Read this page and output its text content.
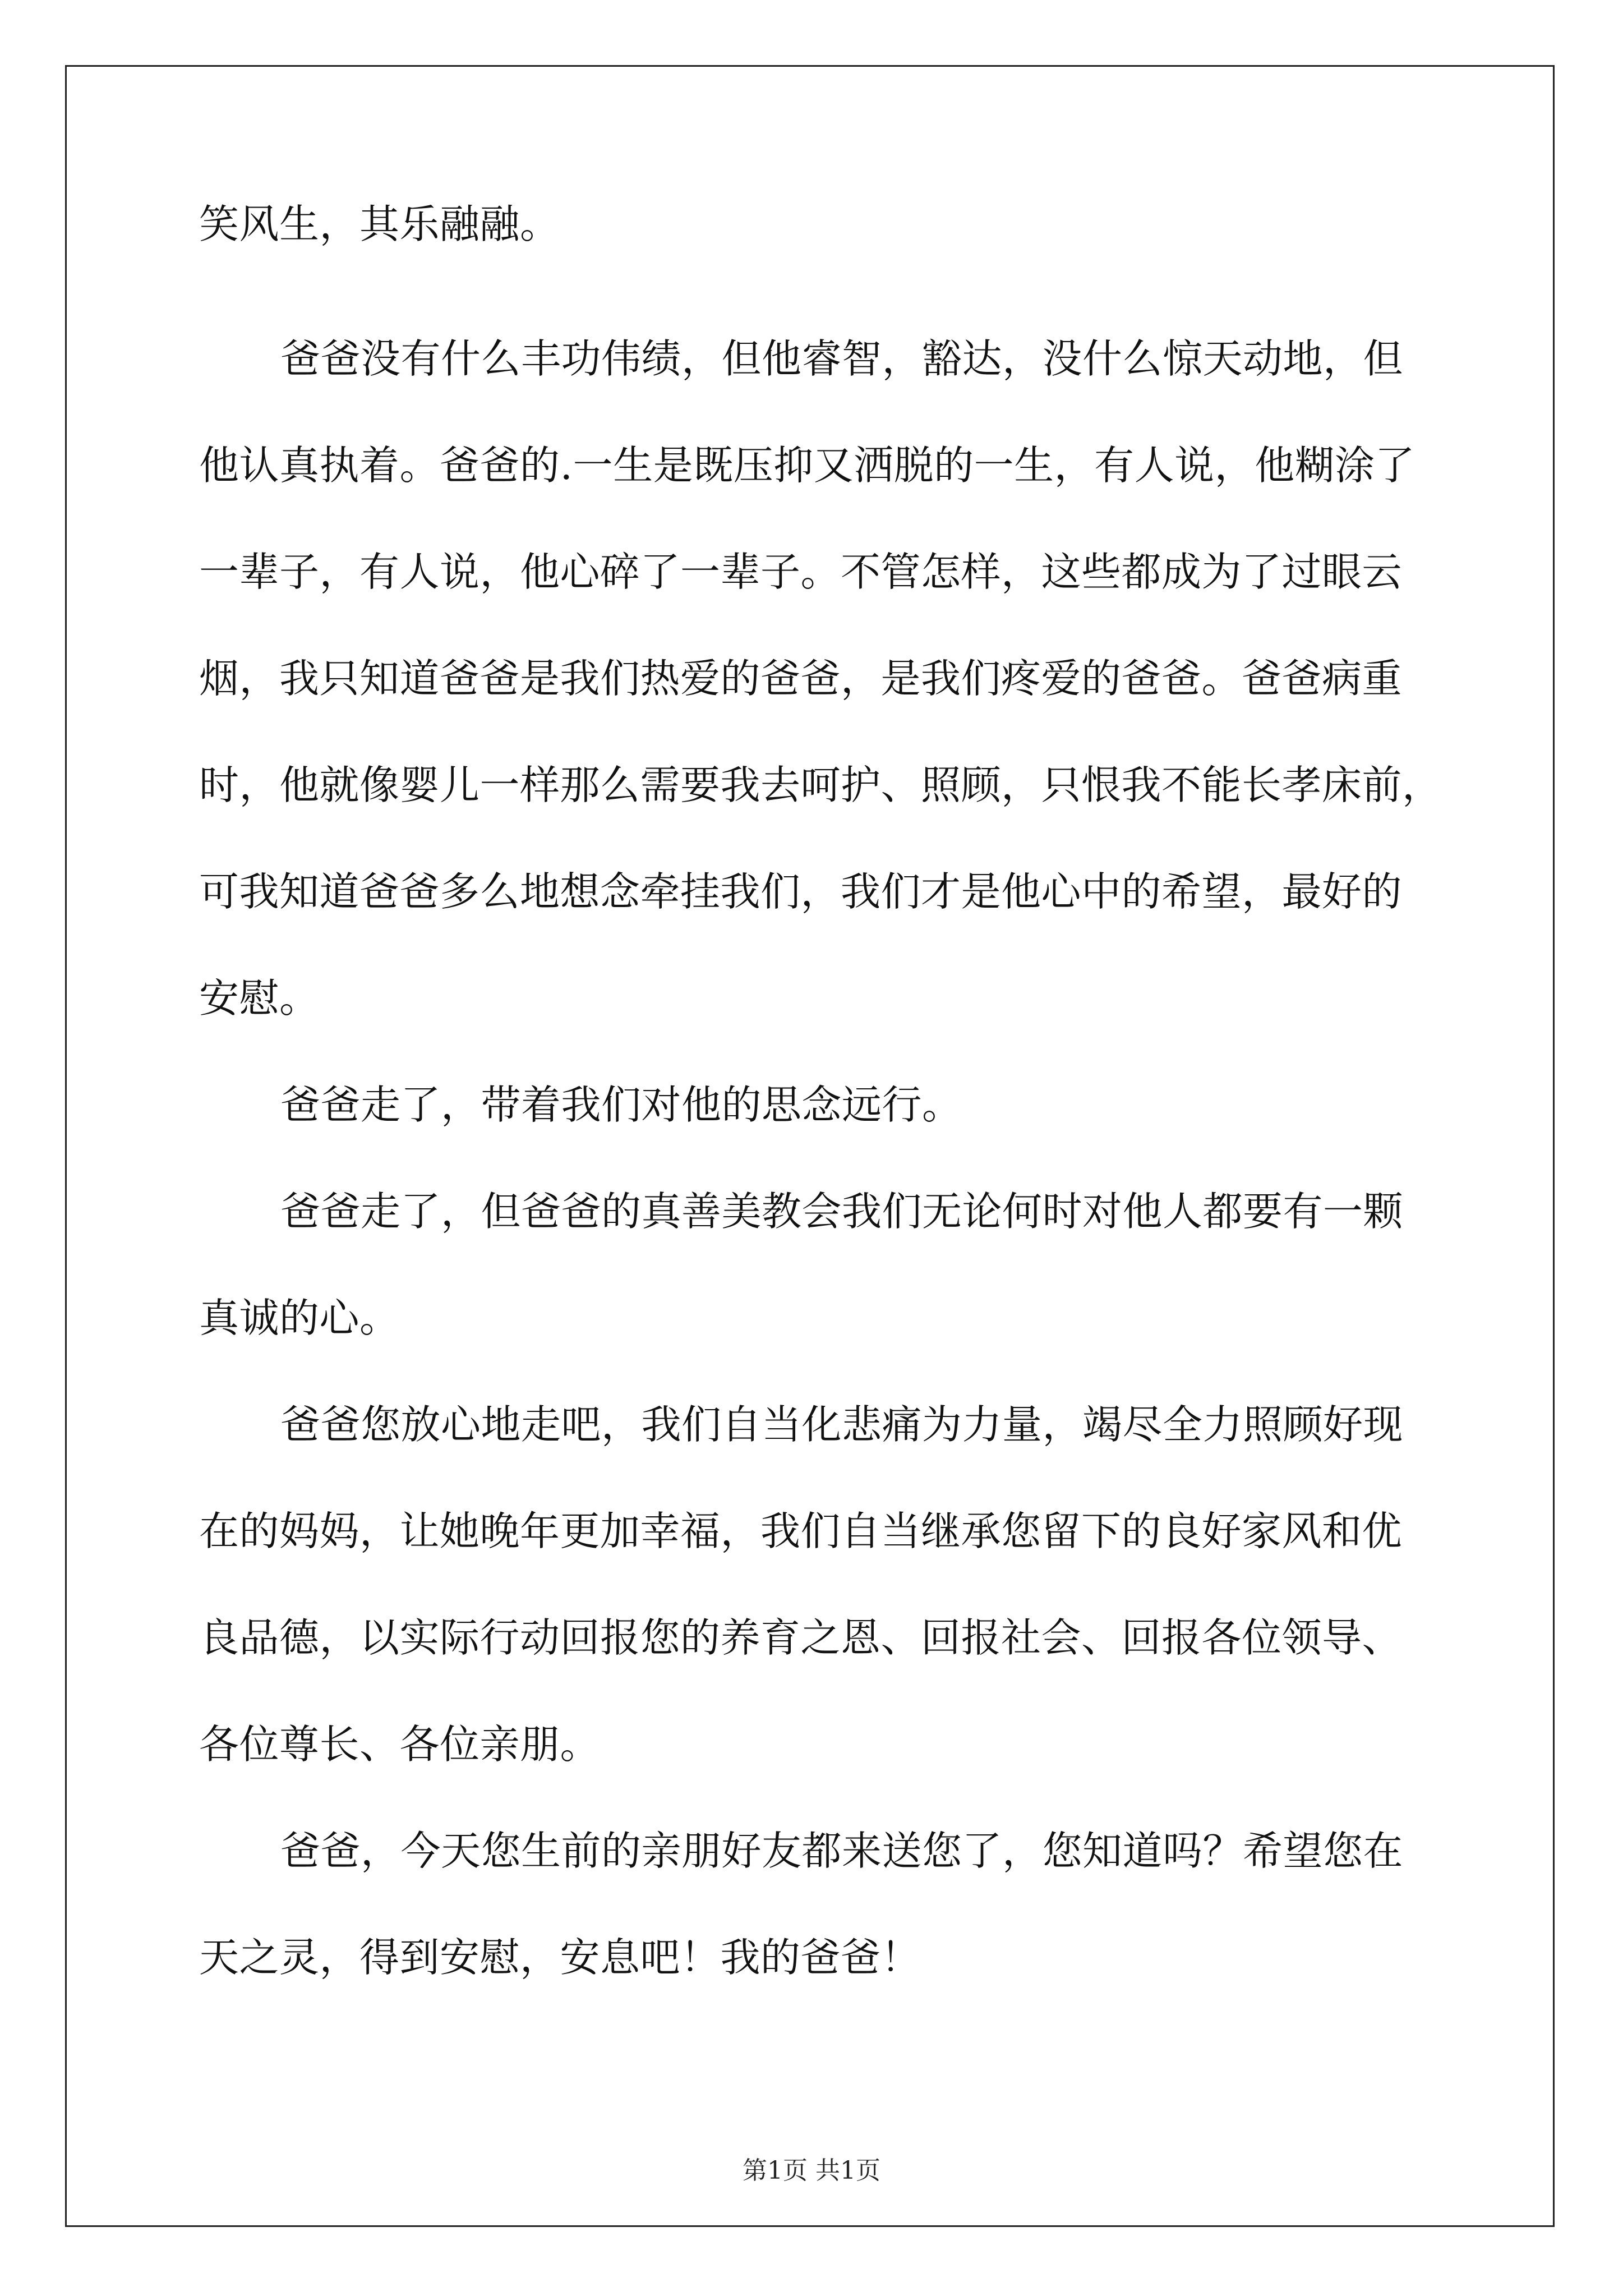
笑风生，其乐融融。
爸爸没有什么丰功伟绩，但他睿智，豁达，没什么惊天动地，但
他认真执着。爸爸的.一生是既压抑又洒脱的一生，有人说，他糊涂了
一辈子，有人说，他心碎了一辈子。不管怎样，这些都成为了过眼云
烟，我只知道爸爸是我们热爱的爸爸，是我们疼爱的爸爸。爸爸病重
时，他就像婴儿一样那么需要我去呵护、照顾，只恨我不能长孝床前，
可我知道爸爸多么地想念牵挂我们，我们才是他心中的希望，最好的
安慰。
爸爸走了，带着我们对他的思念远行。
爸爸走了，但爸爸的真善美教会我们无论何时对他人都要有一颗
真诚的心。
爸爸您放心地走吧，我们自当化悲痛为力量，竭尽全力照顾好现
在的妈妈，让她晚年更加幸福，我们自当继承您留下的良好家风和优
良品德，以实际行动回报您的养育之恩、回报社会、回报各位领导、
各位尊长、各位亲朋。
爸爸，今天您生前的亲朋好友都来送您了，您知道吗？希望您在
天之灵，得到安慰，安息吧！我的爸爸！
第1页 共1页
